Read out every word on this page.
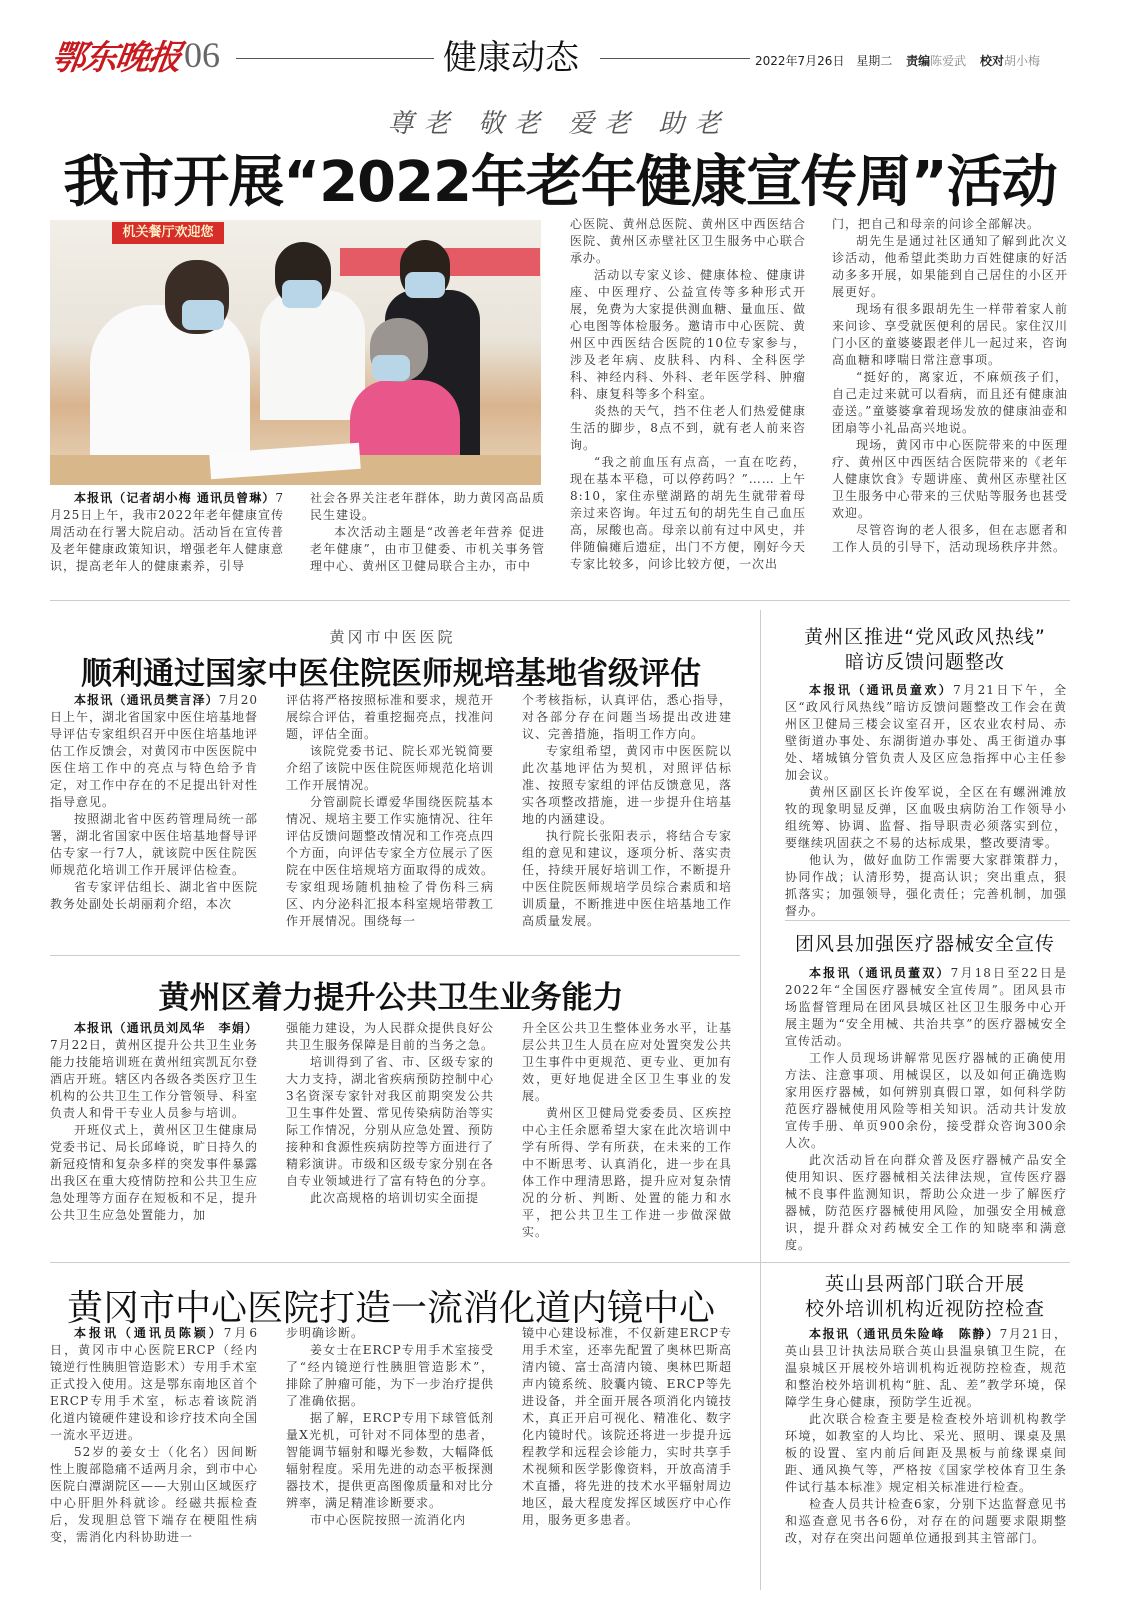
鄂东晚报 06	健康动态	2022年7月26日 星期二 责编陈爱武 校对胡小梅
尊老 敬老 爱老 助老
我市开展“2022年老年健康宣传周”活动
机关餐厅欢迎您

本报讯（记者胡小梅 通讯员曾琳）7月25日上午，我市2022年老年健康宣传周活动在行署大院启动。活动旨在宣传普及老年健康政策知识，增强老年人健康意识，提高老年人的健康素养，引导

社会各界关注老年群体，助力黄冈高品质民生建设。

本次活动主题是“改善老年营养 促进老年健康”，由市卫健委、市机关事务管理中心、黄州区卫健局联合主办，市中

心医院、黄州总医院、黄州区中西医结合医院、黄州区赤壁社区卫生服务中心联合承办。

活动以专家义诊、健康体检、健康讲座、中医理疗、公益宣传等多种形式开展，免费为大家提供测血糖、量血压、做心电图等体检服务。邀请市中心医院、黄州区中西医结合医院的10位专家参与，涉及老年病、皮肤科、内科、全科医学科、神经内科、外科、老年医学科、肿瘤科、康复科等多个科室。

炎热的天气，挡不住老人们热爱健康生活的脚步，8点不到，就有老人前来咨询。

“我之前血压有点高，一直在吃药，现在基本平稳，可以停药吗？”…… 上午8:10，家住赤壁湖路的胡先生就带着母亲过来咨询。年过五旬的胡先生自己血压高，尿酸也高。母亲以前有过中风史，并伴随偏瘫后遗症，出门不方便，刚好今天专家比较多，问诊比较方便，一次出

门，把自己和母亲的问诊全部解决。

胡先生是通过社区通知了解到此次义诊活动，他希望此类助力百姓健康的好活动多多开展，如果能到自己居住的小区开展更好。

现场有很多跟胡先生一样带着家人前来问诊、享受就医便利的居民。家住汉川门小区的童婆婆跟老伴儿一起过来，咨询高血糖和哮喘日常注意事项。

“挺好的，离家近，不麻烦孩子们，自己走过来就可以看病，而且还有健康油壶送。”童婆婆拿着现场发放的健康油壶和团扇等小礼品高兴地说。

现场，黄冈市中心医院带来的中医理疗、黄州区中西医结合医院带来的《老年人健康饮食》专题讲座、黄州区赤壁社区卫生服务中心带来的三伏贴等服务也甚受欢迎。

尽管咨询的老人很多，但在志愿者和工作人员的引导下，活动现场秩序井然。

黄冈市中医医院
顺利通过国家中医住院医师规培基地省级评估

本报讯（通讯员樊言泽）7月20日上午，湖北省国家中医住培基地督导评估专家组织召开中医住培基地评估工作反馈会，对黄冈市中医医院中医住培工作中的亮点与特色给予肯定，对工作中存在的不足提出针对性指导意见。

按照湖北省中医药管理局统一部署，湖北省国家中医住培基地督导评估专家一行7人，就该院中医住院医师规范化培训工作开展评估检查。

省专家评估组长、湖北省中医院教务处副处长胡丽莉介绍，本次

评估将严格按照标准和要求，规范开展综合评估，着重挖掘亮点，找准问题，评估全面。

该院党委书记、院长邓光锐简要介绍了该院中医住院医师规范化培训工作开展情况。

分管副院长谭爱华围绕医院基本情况、规培主要工作实施情况、往年评估反馈问题整改情况和工作亮点四个方面，向评估专家全方位展示了医院在中医住培规培方面取得的成效。专家组现场随机抽检了骨伤科三病区、内分泌科汇报本科室规培带教工作开展情况。围绕每一

个考核指标，认真评估，悉心指导，对各部分存在问题当场提出改进建议、完善措施，指明工作方向。

专家组希望，黄冈市中医医院以此次基地评估为契机，对照评估标准、按照专家组的评估反馈意见，落实各项整改措施，进一步提升住培基地的内涵建设。

执行院长张阳表示，将结合专家组的意见和建议，逐项分析、落实责任，持续开展好培训工作，不断提升中医住院医师规培学员综合素质和培训质量，不断推进中医住培基地工作高质量发展。

黄州区推进“党风政风热线”
暗访反馈问题整改

本报讯（通讯员童欢）7月21日下午，全区“政风行风热线”暗访反馈问题整改工作会在黄州区卫健局三楼会议室召开，区农业农村局、赤壁街道办事处、东湖街道办事处、禹王街道办事处、堵城镇分管负责人及区应急指挥中心主任参加会议。

黄州区副区长许俊军说，全区在有螺洲滩放牧的现象明显反弹，区血吸虫病防治工作领导小组统筹、协调、监督、指导职责必须落实到位，要继续巩固获之不易的达标成果，整改要清零。

他认为，做好血防工作需要大家群策群力，协同作战；认清形势，提高认识；突出重点，狠抓落实；加强领导，强化责任；完善机制，加强督办。

黄州区着力提升公共卫生业务能力

本报讯（通讯员刘凤华　李娟）7月22日，黄州区提升公共卫生业务能力技能培训班在黄州纽宾凯瓦尔登酒店开班。辖区内各级各类医疗卫生机构的公共卫生工作分管领导、科室负责人和骨干专业人员参与培训。

开班仪式上，黄州区卫生健康局党委书记、局长邱峰说，旷日持久的新冠疫情和复杂多样的突发事件暴露出我区在重大疫情防控和公共卫生应急处理等方面存在短板和不足，提升公共卫生应急处置能力，加

强能力建设，为人民群众提供良好公共卫生服务保障是目前的当务之急。

培训得到了省、市、区级专家的大力支持，湖北省疾病预防控制中心3名资深专家针对我区前期突发公共卫生事件处置、常见传染病防治等实际工作情况，分别从应急处置、预防接种和食源性疾病防控等方面进行了精彩演讲。市级和区级专家分别在各自专业领域进行了富有特色的分享。

此次高规格的培训切实全面提

升全区公共卫生整体业务水平，让基层公共卫生人员在应对处置突发公共卫生事件中更规范、更专业、更加有效，更好地促进全区卫生事业的发展。

黄州区卫健局党委委员、区疾控中心主任余愿希望大家在此次培训中学有所得、学有所获，在未来的工作中不断思考、认真消化，进一步在具体工作中理清思路，提升应对复杂情况的分析、判断、处置的能力和水平，把公共卫生工作进一步做深做实。

团风县加强医疗器械安全宣传

本报讯（通讯员董双）7月18日至22日是2022年“全国医疗器械安全宣传周”。团风县市场监督管理局在团风县城区社区卫生服务中心开展主题为“安全用械、共治共享”的医疗器械安全宣传活动。

工作人员现场讲解常见医疗器械的正确使用方法、注意事项、用械误区，以及如何正确选购家用医疗器械，如何辨别真假口罩，如何科学防范医疗器械使用风险等相关知识。活动共计发放宣传手册、单页900余份，接受群众咨询300余人次。

此次活动旨在向群众普及医疗器械产品安全使用知识、医疗器械相关法律法规，宣传医疗器械不良事件监测知识，帮助公众进一步了解医疗器械，防范医疗器械使用风险，加强安全用械意识，提升群众对药械安全工作的知晓率和满意度。

黄冈市中心医院打造一流消化道内镜中心

本报讯（通讯员陈颖）7月6日，黄冈市中心医院ERCP（经内镜逆行性胰胆管造影术）专用手术室正式投入使用。这是鄂东南地区首个ERCP专用手术室，标志着该院消化道内镜硬件建设和诊疗技术向全国一流水平迈进。

52岁的姜女士（化名）因间断性上腹部隐痛不适两月余，到市中心医院白潭湖院区——大别山区域医疗中心肝胆外科就诊。经磁共振检查后，发现胆总管下端存在梗阻性病变，需消化内科协助进一

步明确诊断。

姜女士在ERCP专用手术室接受了“经内镜逆行性胰胆管造影术”，排除了肿瘤可能，为下一步治疗提供了准确依据。

据了解，ERCP专用下球管低剂量X光机，可针对不同体型的患者，智能调节辐射和曝光参数，大幅降低辐射程度。采用先进的动态平板探测器技术，提供更高图像质量和对比分辨率，满足精准诊断要求。

市中心医院按照一流消化内

镜中心建设标准，不仅新建ERCP专用手术室，还率先配置了奥林巴斯高清内镜、富士高清内镜、奥林巴斯超声内镜系统、胶囊内镜、ERCP等先进设备，并全面开展各项消化内镜技术，真正开启可视化、精准化、数字化内镜时代。该院还将进一步提升远程教学和远程会诊能力，实时共享手术视频和医学影像资料，开放高清手术直播，将先进的技术水平辐射周边地区，最大程度发挥区域医疗中心作用，服务更多患者。

英山县两部门联合开展
校外培训机构近视防控检查

本报讯（通讯员朱险峰　陈静）7月21日，英山县卫计执法局联合英山县温泉镇卫生院，在温泉城区开展校外培训机构近视防控检查，规范和整治校外培训机构“脏、乱、差”教学环境，保障学生身心健康，预防学生近视。

此次联合检查主要是检查校外培训机构教学环境，如教室的人均比、采光、照明、课桌及黑板的设置、室内前后间距及黑板与前缘课桌间距、通风换气等，严格按《国家学校体育卫生条件试行基本标准》规定相关标准进行检查。

检查人员共计检查6家，分别下达监督意见书和巡查意见书各6份，对存在的问题要求限期整改，对存在突出问题单位通报到其主管部门。
